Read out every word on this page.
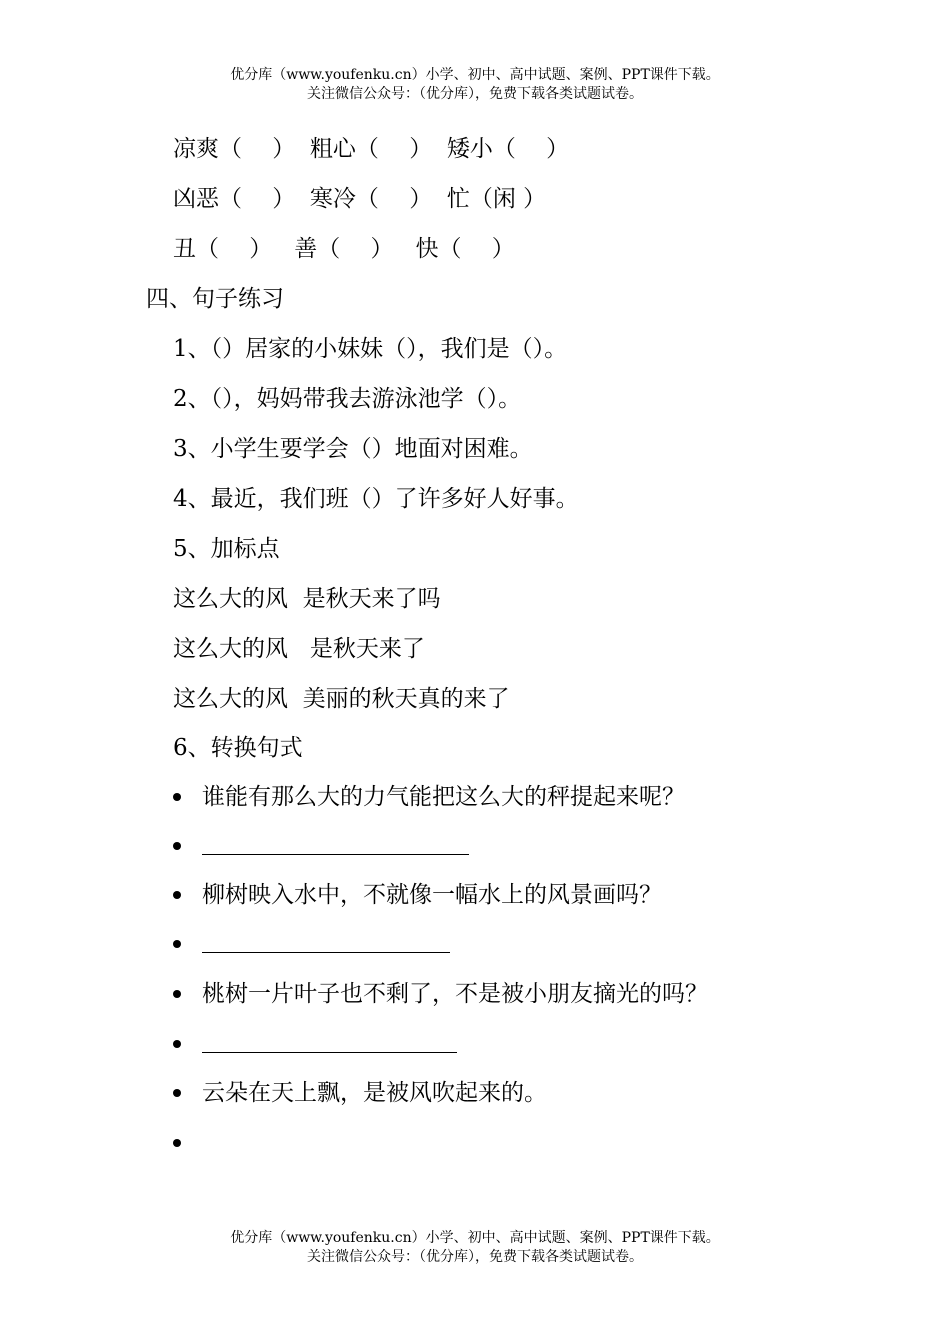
优分库（www.youfenku.cn）小学、初中、高中试题、案例、PPT课件下载。
关注微信公众号：（优分库），免费下载各类试题试卷。
凉爽（　 ）  粗心（　 ）  矮小（　 ）
凶恶（　 ）  寒冷（　 ）  忙（闲 ）
丑（　 ）   善（　 ）   快（　 ）
四、句子练习
1、（）居家的小妹妹（），我们是（）。
2、（），妈妈带我去游泳池学（）。
3、小学生要学会（）地面对困难。
4、最近，我们班（）了许多好人好事。
5、加标点
这么大的风  是秋天来了吗
这么大的风   是秋天来了
这么大的风  美丽的秋天真的来了
6、转换句式

谁能有那么大的力气能把这么大的秤提起来呢？

柳树映入水中，不就像一幅水上的风景画吗？

桃树一片叶子也不剩了，不是被小朋友摘光的吗？

云朵在天上飘，是被风吹起来的。

优分库（www.youfenku.cn）小学、初中、高中试题、案例、PPT课件下载。
关注微信公众号：（优分库），免费下载各类试题试卷。
